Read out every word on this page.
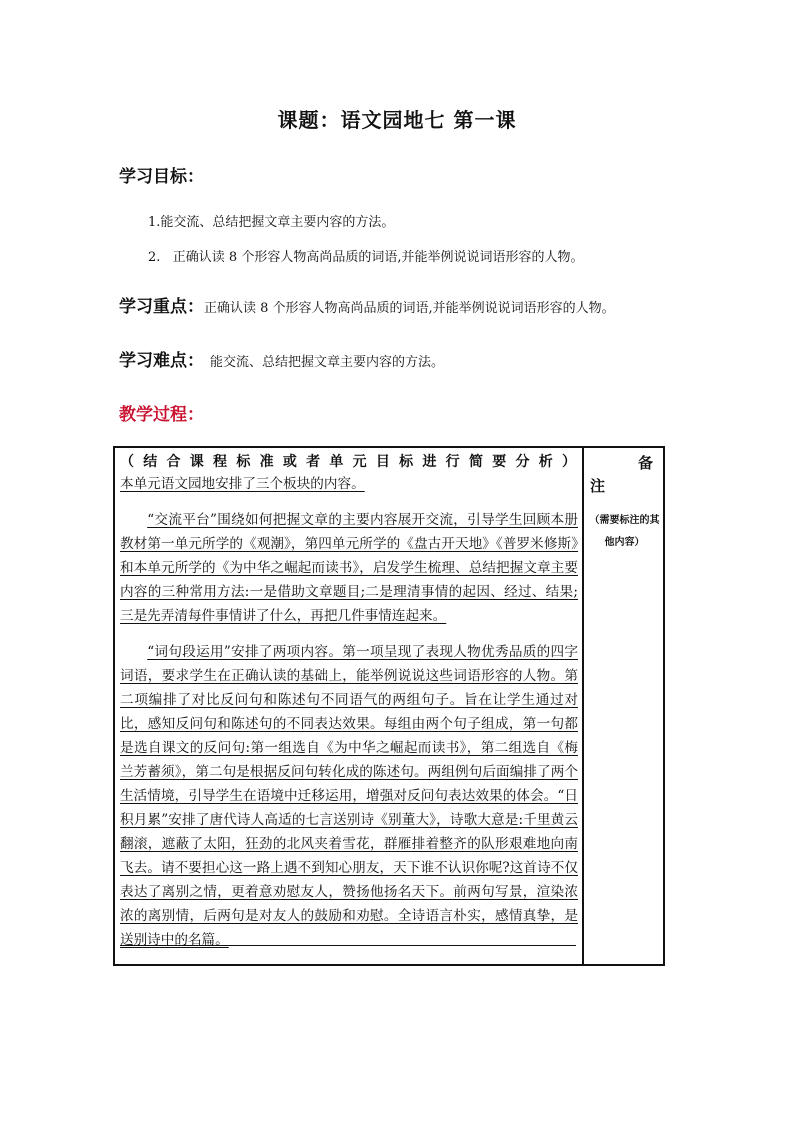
课题：语文园地七 第一课
学习目标：
1.能交流、总结把握文章主要内容的方法。
2.   正确认读 8 个形容人物高尚品质的词语,并能举例说说词语形容的人物。
学习重点：正确认读 8 个形容人物高尚品质的词语,并能举例说说词语形容的人物。
学习难点： 能交流、总结把握文章主要内容的方法。
教学过程：
（结合课程标准或者单元目标进行简要分析）
本单元语文园地安排了三个板块的内容。
“交流平台”围绕如何把握文章的主要内容展开交流，引导学生回顾本册教材第一单元所学的《观潮》，第四单元所学的《盘古开天地》《普罗米修斯》和本单元所学的《为中华之崛起而读书》，启发学生梳理、总结把握文章主要内容的三种常用方法:一是借助文章题目;二是理清事情的起因、经过、结果;三是先弄清每件事情讲了什么，再把几件事情连起来。
“词句段运用”安排了两项内容。第一项呈现了表现人物优秀品质的四字词语，要求学生在正确认读的基础上，能举例说说这些词语形容的人物。第二项编排了对比反问句和陈述句不同语气的两组句子。旨在让学生通过对比，感知反问句和陈述句的不同表达效果。每组由两个句子组成，第一句都是选自课文的反问句:第一组选自《为中华之崛起而读书》，第二组选自《梅兰芳蓄须》，第二句是根据反问句转化成的陈述句。两组例句后面编排了两个生活情境，引导学生在语境中迁移运用，增强对反问句表达效果的体会。“日积月累”安排了唐代诗人高适的七言送别诗《别董大》，诗歌大意是:千里黄云翻滚，遮蔽了太阳，狂劲的北风夹着雪花，群雁排着整齐的队形艰难地向南飞去。请不要担心这一路上遇不到知心朋友，天下谁不认识你呢?这首诗不仅表达了离别之情，更着意劝慰友人，赞扬他扬名天下。前两句写景，渲染浓浓的离别情，后两句是对友人的鼓励和劝慰。全诗语言朴实，感情真挚，是送别诗中的名篇。
备
注
（需要标注的其他内容）
